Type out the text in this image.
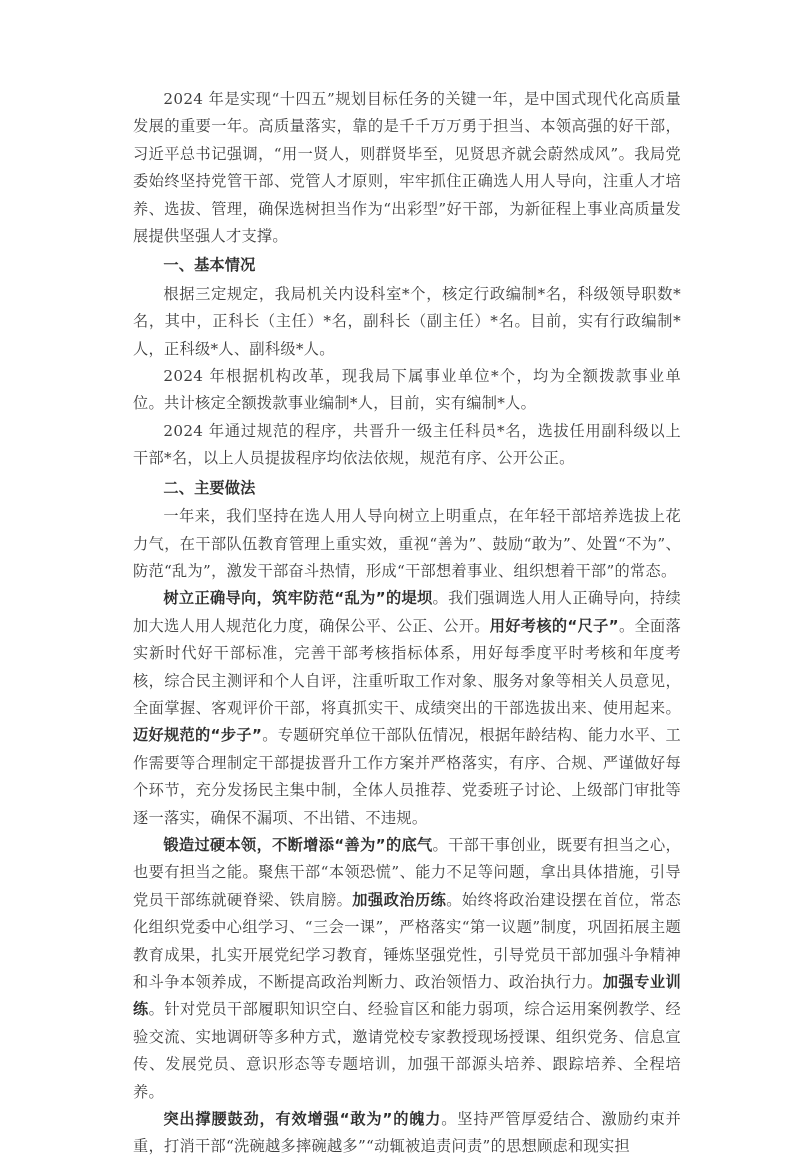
2024 年是实现“十四五”规划目标任务的关键一年，是中国式现代化高质量发展的重要一年。高质量落实，靠的是千千万万勇于担当、本领高强的好干部，习近平总书记强调，“用一贤人，则群贤毕至，见贤思齐就会蔚然成风”。我局党委始终坚持党管干部、党管人才原则，牢牢抓住正确选人用人导向，注重人才培养、选拔、管理，确保选树担当作为“出彩型”好干部，为新征程上事业高质量发展提供坚强人才支撑。

一、基本情况

根据三定规定，我局机关内设科室*个，核定行政编制*名，科级领导职数*名，其中，正科长（主任）*名，副科长（副主任）*名。目前，实有行政编制*人，正科级*人、副科级*人。

2024 年根据机构改革，现我局下属事业单位*个，均为全额拨款事业单位。共计核定全额拨款事业编制*人，目前，实有编制*人。

2024 年通过规范的程序，共晋升一级主任科员*名，选拔任用副科级以上干部*名，以上人员提拔程序均依法依规，规范有序、公开公正。

二、主要做法

一年来，我们坚持在选人用人导向树立上明重点，在年轻干部培养选拔上花力气，在干部队伍教育管理上重实效，重视“善为”、鼓励“敢为”、处置“不为”、防范“乱为”，激发干部奋斗热情，形成“干部想着事业、组织想着干部”的常态。

树立正确导向，筑牢防范“乱为”的堤坝。我们强调选人用人正确导向，持续加大选人用人规范化力度，确保公平、公正、公开。用好考核的“尺子”。全面落实新时代好干部标准，完善干部考核指标体系，用好每季度平时考核和年度考核，综合民主测评和个人自评，注重听取工作对象、服务对象等相关人员意见，全面掌握、客观评价干部，将真抓实干、成绩突出的干部选拔出来、使用起来。迈好规范的“步子”。专题研究单位干部队伍情况，根据年龄结构、能力水平、工作需要等合理制定干部提拔晋升工作方案并严格落实，有序、合规、严谨做好每个环节，充分发扬民主集中制，全体人员推荐、党委班子讨论、上级部门审批等逐一落实，确保不漏项、不出错、不违规。

锻造过硬本领，不断增添“善为”的底气。干部干事创业，既要有担当之心，也要有担当之能。聚焦干部“本领恐慌”、能力不足等问题，拿出具体措施，引导党员干部练就硬脊梁、铁肩膀。加强政治历练。始终将政治建设摆在首位，常态化组织党委中心组学习、“三会一课”，严格落实“第一议题”制度，巩固拓展主题教育成果，扎实开展党纪学习教育，锤炼坚强党性，引导党员干部加强斗争精神和斗争本领养成，不断提高政治判断力、政治领悟力、政治执行力。加强专业训练。针对党员干部履职知识空白、经验盲区和能力弱项，综合运用案例教学、经验交流、实地调研等多种方式，邀请党校专家教授现场授课、组织党务、信息宣传、发展党员、意识形态等专题培训，加强干部源头培养、跟踪培养、全程培养。

突出撑腰鼓劲，有效增强“敢为”的魄力。坚持严管厚爱结合、激励约束并重，打消干部“洗碗越多摔碗越多”“动辄被追责问责”的思想顾虑和现实担
